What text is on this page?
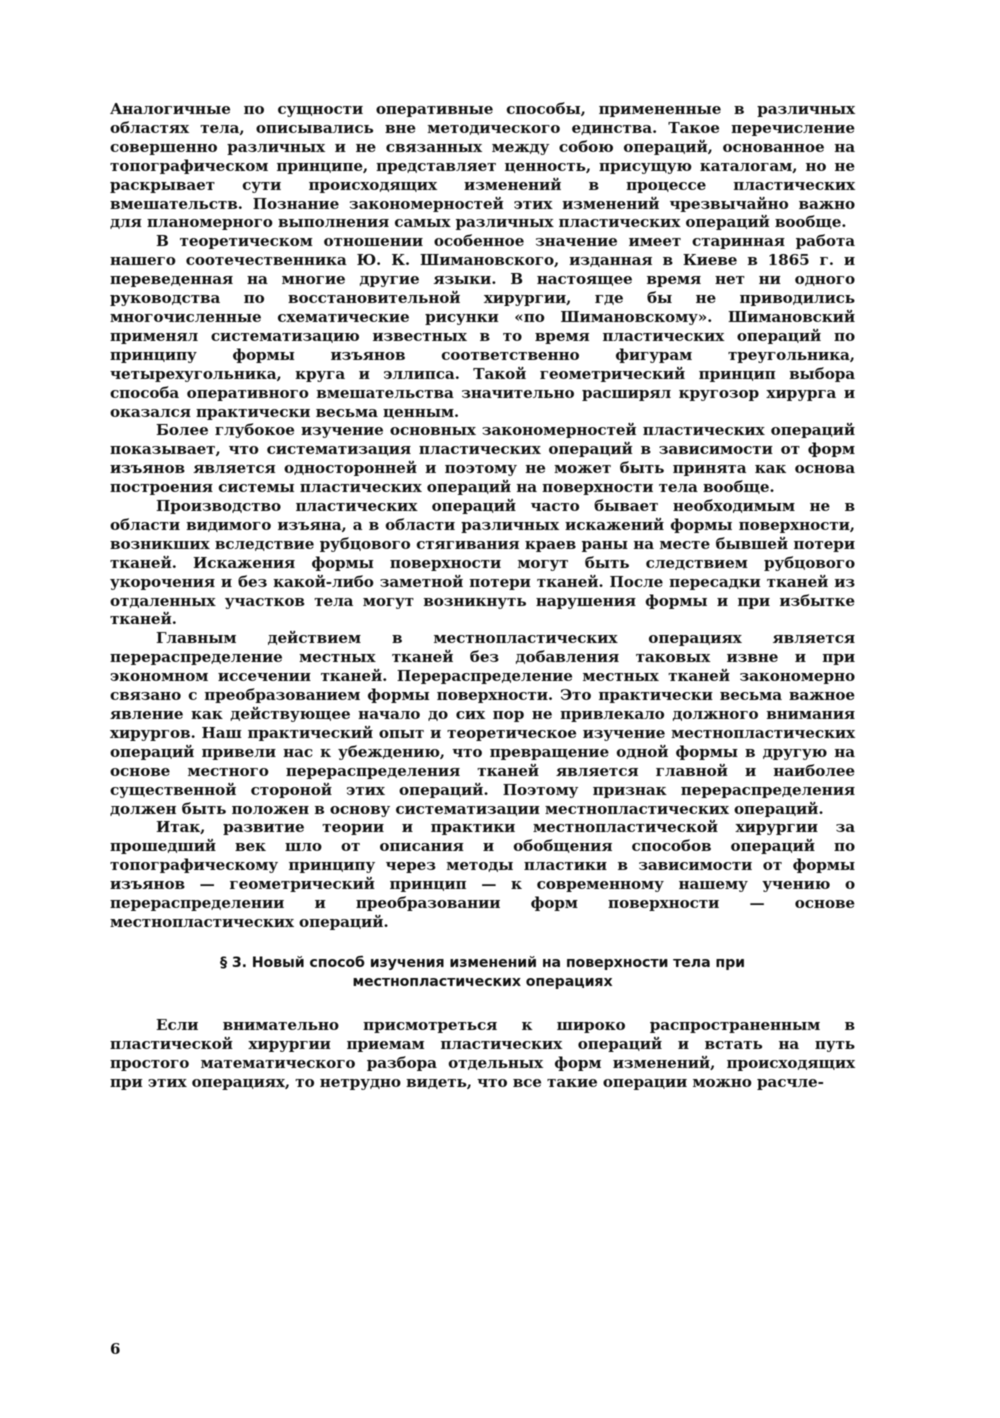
Аналогичные по сущности оперативные способы, примененные в различных областях тела, описывались вне методического единства. Такое перечисление совершенно различных и не связанных между собою операций, основанное на топографическом принципе, представляет ценность, присущую каталогам, но не раскрывает сути происходящих изменений в процессе пластических вмешательств. Познание закономерностей этих изменений чрезвычайно важно для планомерного выполнения самых различных пластических операций вообще.

В теоретическом отношении особенное значение имеет старинная работа нашего соотечественника Ю. К. Шимановского, изданная в Киеве в 1865 г. и переведенная на многие другие языки. В настоящее время нет ни одного руководства по восстановительной хирургии, где бы не приводились многочисленные схематические рисунки «по Шимановскому». Шимановский применял систематизацию известных в то время пластических операций по принципу формы изъянов соответственно фигурам треугольника, четырехугольника, круга и эллипса. Такой геометрический принцип выбора способа оперативного вмешательства значительно расширял кругозор хирурга и оказался практически весьма ценным.

Более глубокое изучение основных закономерностей пластических операций показывает, что систематизация пластических операций в зависимости от форм изъянов является односторонней и поэтому не может быть принята как основа построения системы пластических операций на поверхности тела вообще.

Производство пластических операций часто бывает необходимым не в области видимого изъяна, а в области различных искажений формы поверхности, возникших вследствие рубцового стягивания краев раны на месте бывшей потери тканей. Искажения формы поверхности могут быть следствием рубцового укорочения и без какой-либо заметной потери тканей. После пересадки тканей из отдаленных участков тела могут возникнуть нарушения формы и при избытке тканей.

Главным действием в местнопластических операциях является перераспределение местных тканей без добавления таковых извне и при экономном иссечении тканей. Перераспределение местных тканей закономерно связано с преобразованием формы поверхности. Это практически весьма важное явление как действующее начало до сих пор не привлекало должного внимания хирургов. Наш практический опыт и теоретическое изучение местнопластических операций привели нас к убеждению, что превращение одной формы в другую на основе местного перераспределения тканей является главной и наиболее существенной стороной этих операций. Поэтому признак перераспределения должен быть положен в основу систематизации местнопластических операций.

Итак, развитие теории и практики местнопластической хирургии за прошедший век шло от описания и обобщения способов операций по топографическому принципу через методы пластики в зависимости от формы изъянов — геометрический принцип — к современному нашему учению о перераспределении и преобразовании форм поверхности — основе местнопластических операций.

§ 3. Новый способ изучения изменений на поверхности тела при местнопластических операциях

Если внимательно присмотреться к широко распространенным в пластической хирургии приемам пластических операций и встать на путь простого математического разбора отдельных форм изменений, происходящих при этих операциях, то нетрудно видеть, что все такие операции можно расчле-

6
